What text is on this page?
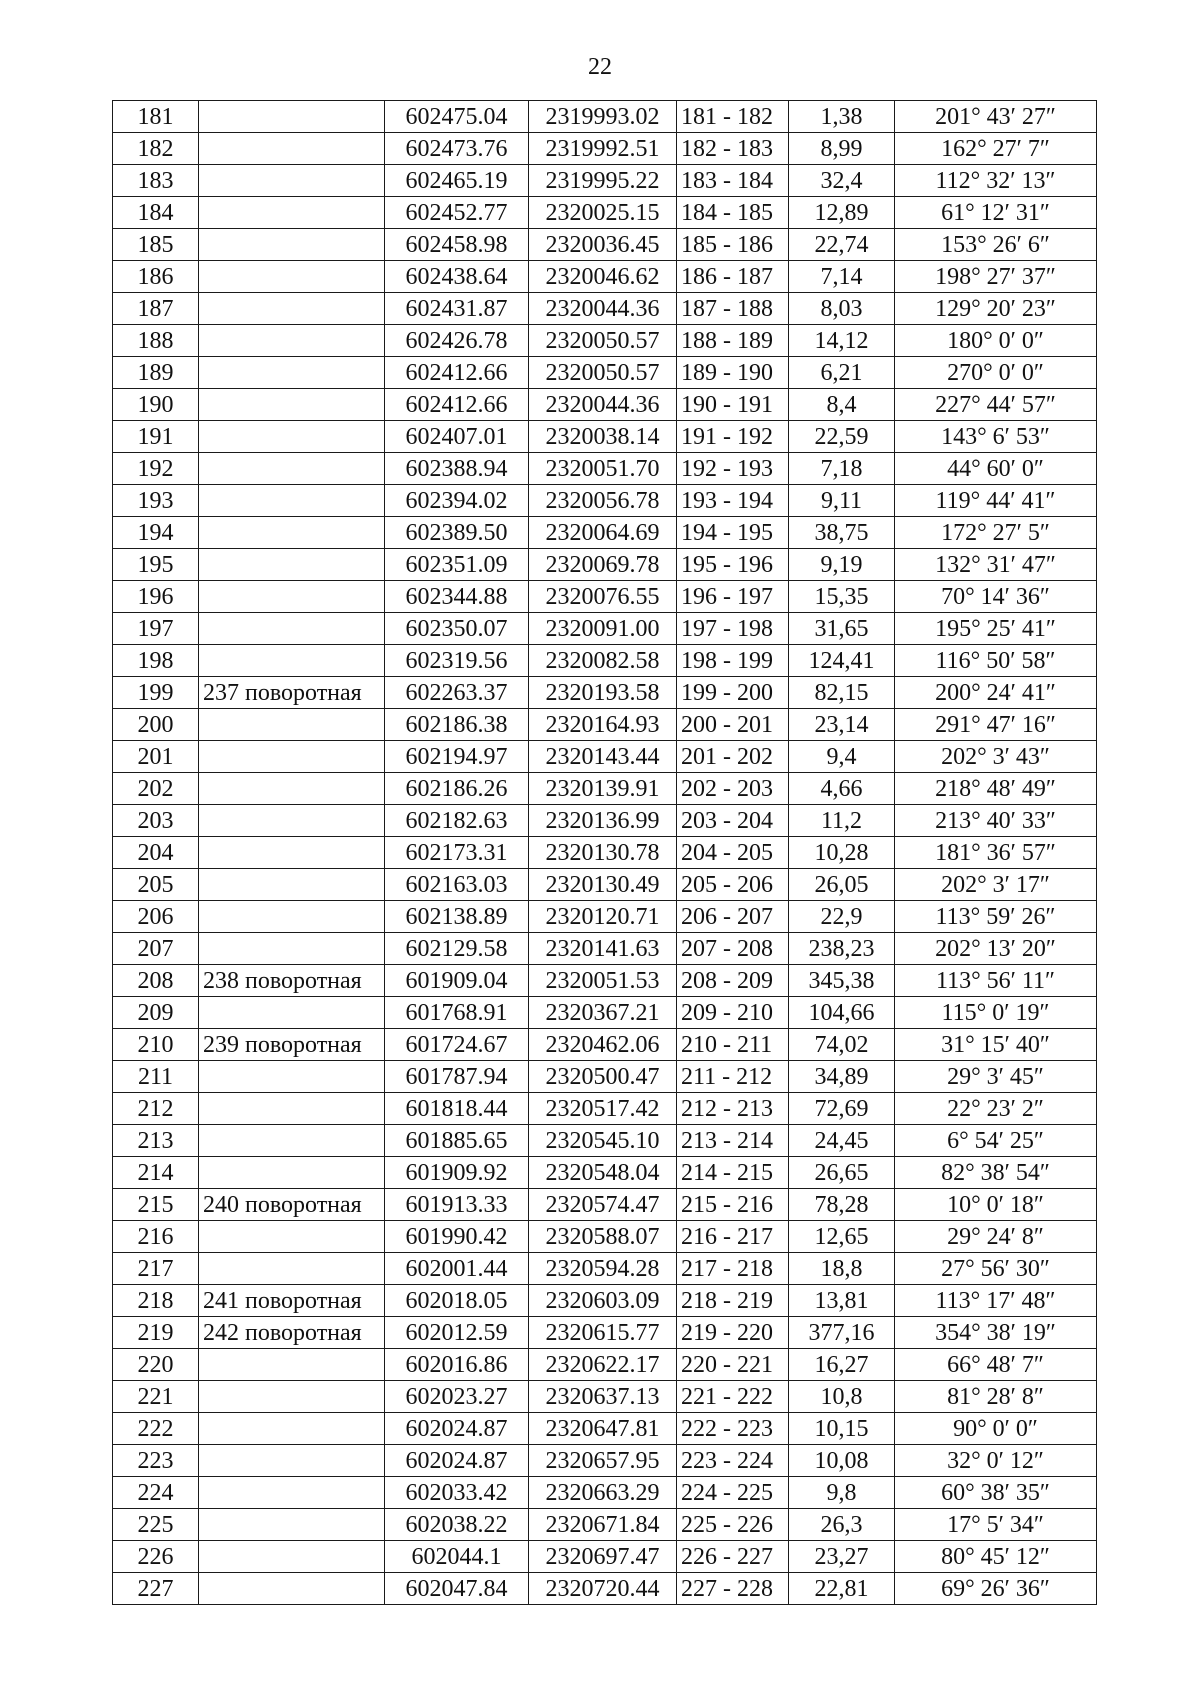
22
181		602475.04	2319993.02	181 - 182	1,38	201° 43′ 27″
182		602473.76	2319992.51	182 - 183	8,99	162° 27′ 7″
183		602465.19	2319995.22	183 - 184	32,4	112° 32′ 13″
184		602452.77	2320025.15	184 - 185	12,89	61° 12′ 31″
185		602458.98	2320036.45	185 - 186	22,74	153° 26′ 6″
186		602438.64	2320046.62	186 - 187	7,14	198° 27′ 37″
187		602431.87	2320044.36	187 - 188	8,03	129° 20′ 23″
188		602426.78	2320050.57	188 - 189	14,12	180° 0′ 0″
189		602412.66	2320050.57	189 - 190	6,21	270° 0′ 0″
190		602412.66	2320044.36	190 - 191	8,4	227° 44′ 57″
191		602407.01	2320038.14	191 - 192	22,59	143° 6′ 53″
192		602388.94	2320051.70	192 - 193	7,18	44° 60′ 0″
193		602394.02	2320056.78	193 - 194	9,11	119° 44′ 41″
194		602389.50	2320064.69	194 - 195	38,75	172° 27′ 5″
195		602351.09	2320069.78	195 - 196	9,19	132° 31′ 47″
196		602344.88	2320076.55	196 - 197	15,35	70° 14′ 36″
197		602350.07	2320091.00	197 - 198	31,65	195° 25′ 41″
198		602319.56	2320082.58	198 - 199	124,41	116° 50′ 58″
199	237 поворотная	602263.37	2320193.58	199 - 200	82,15	200° 24′ 41″
200		602186.38	2320164.93	200 - 201	23,14	291° 47′ 16″
201		602194.97	2320143.44	201 - 202	9,4	202° 3′ 43″
202		602186.26	2320139.91	202 - 203	4,66	218° 48′ 49″
203		602182.63	2320136.99	203 - 204	11,2	213° 40′ 33″
204		602173.31	2320130.78	204 - 205	10,28	181° 36′ 57″
205		602163.03	2320130.49	205 - 206	26,05	202° 3′ 17″
206		602138.89	2320120.71	206 - 207	22,9	113° 59′ 26″
207		602129.58	2320141.63	207 - 208	238,23	202° 13′ 20″
208	238 поворотная	601909.04	2320051.53	208 - 209	345,38	113° 56′ 11″
209		601768.91	2320367.21	209 - 210	104,66	115° 0′ 19″
210	239 поворотная	601724.67	2320462.06	210 - 211	74,02	31° 15′ 40″
211		601787.94	2320500.47	211 - 212	34,89	29° 3′ 45″
212		601818.44	2320517.42	212 - 213	72,69	22° 23′ 2″
213		601885.65	2320545.10	213 - 214	24,45	6° 54′ 25″
214		601909.92	2320548.04	214 - 215	26,65	82° 38′ 54″
215	240 поворотная	601913.33	2320574.47	215 - 216	78,28	10° 0′ 18″
216		601990.42	2320588.07	216 - 217	12,65	29° 24′ 8″
217		602001.44	2320594.28	217 - 218	18,8	27° 56′ 30″
218	241 поворотная	602018.05	2320603.09	218 - 219	13,81	113° 17′ 48″
219	242 поворотная	602012.59	2320615.77	219 - 220	377,16	354° 38′ 19″
220		602016.86	2320622.17	220 - 221	16,27	66° 48′ 7″
221		602023.27	2320637.13	221 - 222	10,8	81° 28′ 8″
222		602024.87	2320647.81	222 - 223	10,15	90° 0′ 0″
223		602024.87	2320657.95	223 - 224	10,08	32° 0′ 12″
224		602033.42	2320663.29	224 - 225	9,8	60° 38′ 35″
225		602038.22	2320671.84	225 - 226	26,3	17° 5′ 34″
226		602044.1	2320697.47	226 - 227	23,27	80° 45′ 12″
227		602047.84	2320720.44	227 - 228	22,81	69° 26′ 36″
